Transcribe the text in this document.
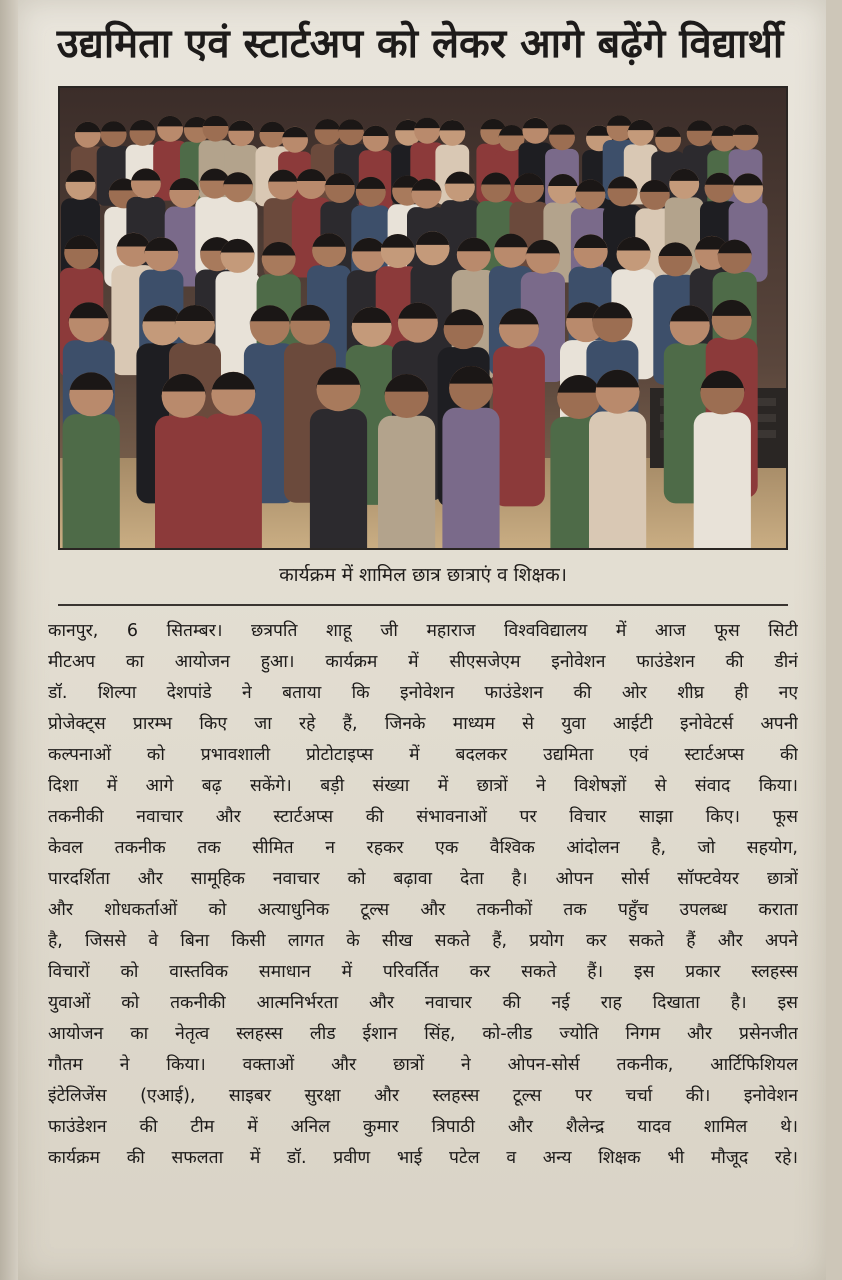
उद्यमिता एवं स्टार्टअप को लेकर आगे बढ़ेंगे विद्यार्थी
कार्यक्रम में शामिल छात्र छात्राएं व शिक्षक।
कानपुर, 6 सितम्बर। छत्रपति शाहू जी महाराज विश्वविद्यालय में आज फूस सिटी
मीटअप का आयोजन हुआ। कार्यक्रम में सीएसजेएम इनोवेशन फाउंडेशन की डीनं
डॉ. शिल्पा देशपांडे ने बताया कि इनोवेशन फाउंडेशन की ओर शीघ्र ही नए
प्रोजेक्ट्स प्रारम्भ किए जा रहे हैं, जिनके माध्यम से युवा आईटी इनोवेटर्स अपनी
कल्पनाओं को प्रभावशाली प्रोटोटाइप्स में बदलकर उद्यमिता एवं स्टार्टअप्स की
दिशा में आगे बढ़ सकेंगे। बड़ी संख्या में छात्रों ने विशेषज्ञों से संवाद किया।
तकनीकी नवाचार और स्टार्टअप्स की संभावनाओं पर विचार साझा किए। फूस
केवल तकनीक तक सीमित न रहकर एक वैश्विक आंदोलन है, जो सहयोग,
पारदर्शिता और सामूहिक नवाचार को बढ़ावा देता है। ओपन सोर्स सॉफ्टवेयर छात्रों
और शोधकर्ताओं को अत्याधुनिक टूल्स और तकनीकों तक पहुँच उपलब्ध कराता
है, जिससे वे बिना किसी लागत के सीख सकते हैं, प्रयोग कर सकते हैं और अपने
विचारों को वास्तविक समाधान में परिवर्तित कर सकते हैं। इस प्रकार स्लहस्स
युवाओं को तकनीकी आत्मनिर्भरता और नवाचार की नई राह दिखाता है। इस
आयोजन का नेतृत्व स्लहस्स लीड ईशान सिंह, को-लीड ज्योति निगम और प्रसेनजीत
गौतम ने किया। वक्ताओं और छात्रों ने ओपन-सोर्स तकनीक, आर्टिफिशियल
इंटेलिजेंस (एआई), साइबर सुरक्षा और स्लहस्स टूल्स पर चर्चा की। इनोवेशन
फाउंडेशन की टीम में अनिल कुमार त्रिपाठी और शैलेन्द्र यादव शामिल थे।
कार्यक्रम की सफलता में डॉ. प्रवीण भाई पटेल व अन्य शिक्षक भी मौजूद रहे।
